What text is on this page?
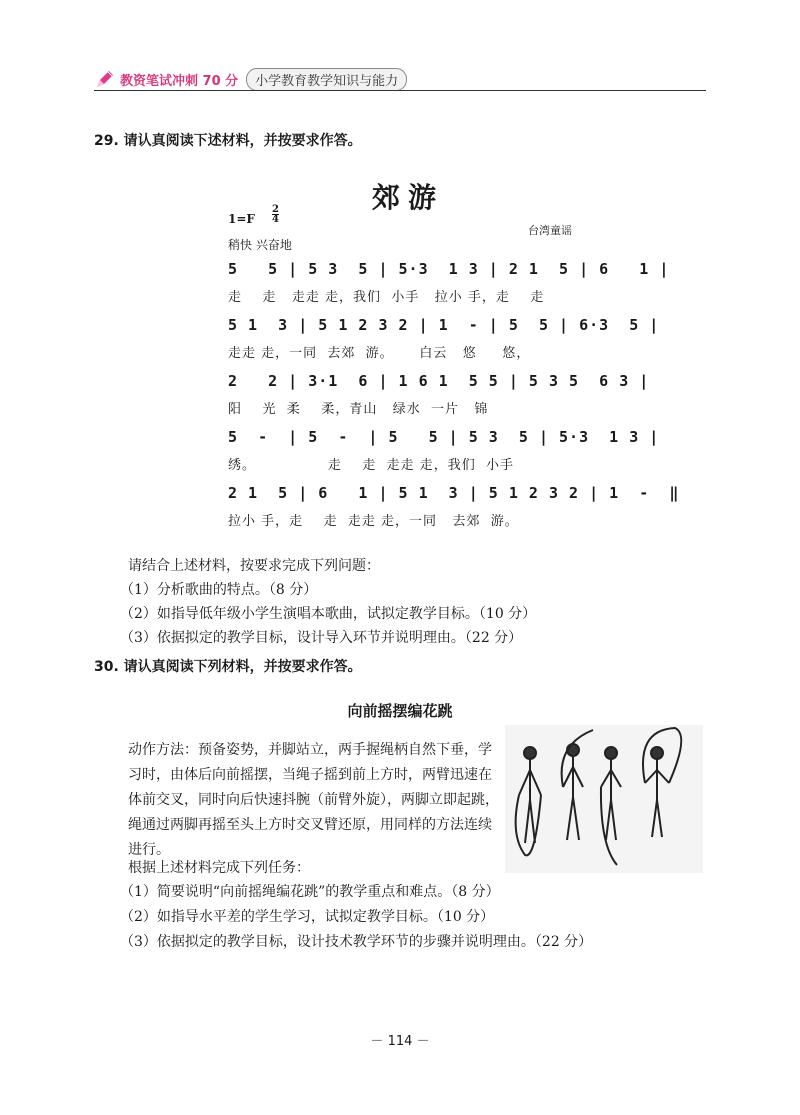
教资笔试冲刺 70 分	小学教育教学知识与能力
29. 请认真阅读下述材料，并按要求作答。
郊游
$1=F \frac{2}{4}$
稍快 兴奋地
台湾童谣
5   5 | 5 3  5 | 5·3  1 3 | 2 1  5 | 6   1 |
走    走   走走 走，我们  小手   拉小 手，走    走
5 1  3 | 5 1 2 3 2 | 1  - | 5  5 | 6·3  5 |
走走 走，一同  去郊  游。     白云   悠     悠，
2   2 | 3·1  6 | 1 6 1  5 5 | 5 3 5  6 3 |
阳    光  柔    柔，青山   绿水  一片   锦
5  -  | 5  -  | 5   5 | 5 3  5 | 5·3  1 3 |
绣。              走    走  走走 走，我们  小手
2 1  5 | 6   1 | 5 1  3 | 5 1 2 3 2 | 1  -  ‖
拉小 手，走    走  走走 走，一同   去郊  游。
请结合上述材料，按要求完成下列问题：
（1）分析歌曲的特点。（8 分）
（2）如指导低年级小学生演唱本歌曲，试拟定教学目标。（10 分）
（3）依据拟定的教学目标，设计导入环节并说明理由。（22 分）
30. 请认真阅读下列材料，并按要求作答。
向前摇摆编花跳
动作方法：预备姿势，并脚站立，两手握绳柄自然下垂，学习时，由体后向前摇摆，当绳子摇到前上方时，两臂迅速在体前交叉，同时向后快速抖腕（前臂外旋），两脚立即起跳，绳通过两脚再摇至头上方时交叉臂还原，用同样的方法连续进行。
根据上述材料完成下列任务：
（1）简要说明“向前摇绳编花跳”的教学重点和难点。（8 分）
（2）如指导水平差的学生学习，试拟定教学目标。（10 分）
（3）依据拟定的教学目标，设计技术教学环节的步骤并说明理由。（22 分）
－ 114 －
